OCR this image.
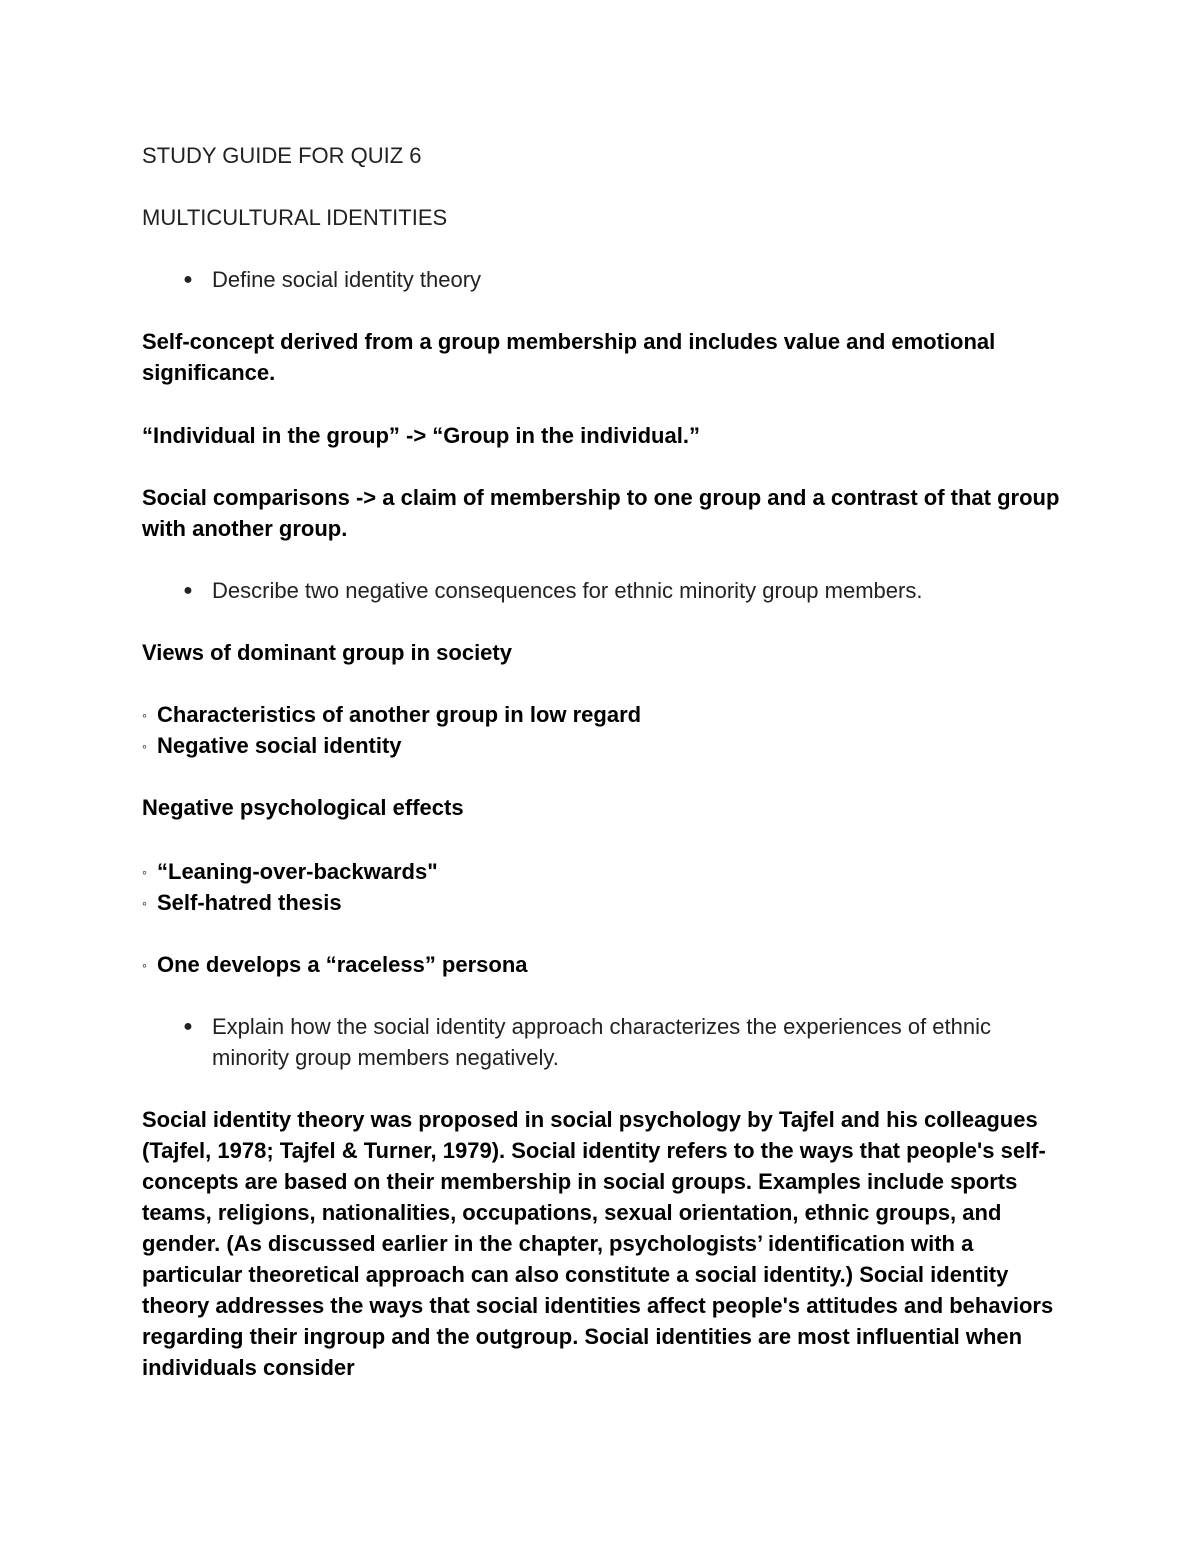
STUDY GUIDE FOR QUIZ 6
MULTICULTURAL IDENTITIES
● Define social identity theory
Self-concept derived from a group membership and includes value and emotional significance.
“Individual in the group” -> “Group in the individual.”
Social comparisons -> a claim of membership to one group and a contrast of that group with another group.
● Describe two negative consequences for ethnic minority group members.
Views of dominant group in society
◦ Characteristics of another group in low regard
◦ Negative social identity
Negative psychological effects
◦ “Leaning-over-backwards"
◦ Self-hatred thesis
◦ One develops a “raceless” persona
● Explain how the social identity approach characterizes the experiences of ethnic minority group members negatively.
Social identity theory was proposed in social psychology by Tajfel and his colleagues (Tajfel, 1978; Tajfel & Turner, 1979). Social identity refers to the ways that people's self-concepts are based on their membership in social groups. Examples include sports teams, religions, nationalities, occupations, sexual orientation, ethnic groups, and gender. (As discussed earlier in the chapter, psychologists’ identification with a particular theoretical approach can also constitute a social identity.) Social identity theory addresses the ways that social identities affect people's attitudes and behaviors regarding their ingroup and the outgroup. Social identities are most influential when individuals consider
